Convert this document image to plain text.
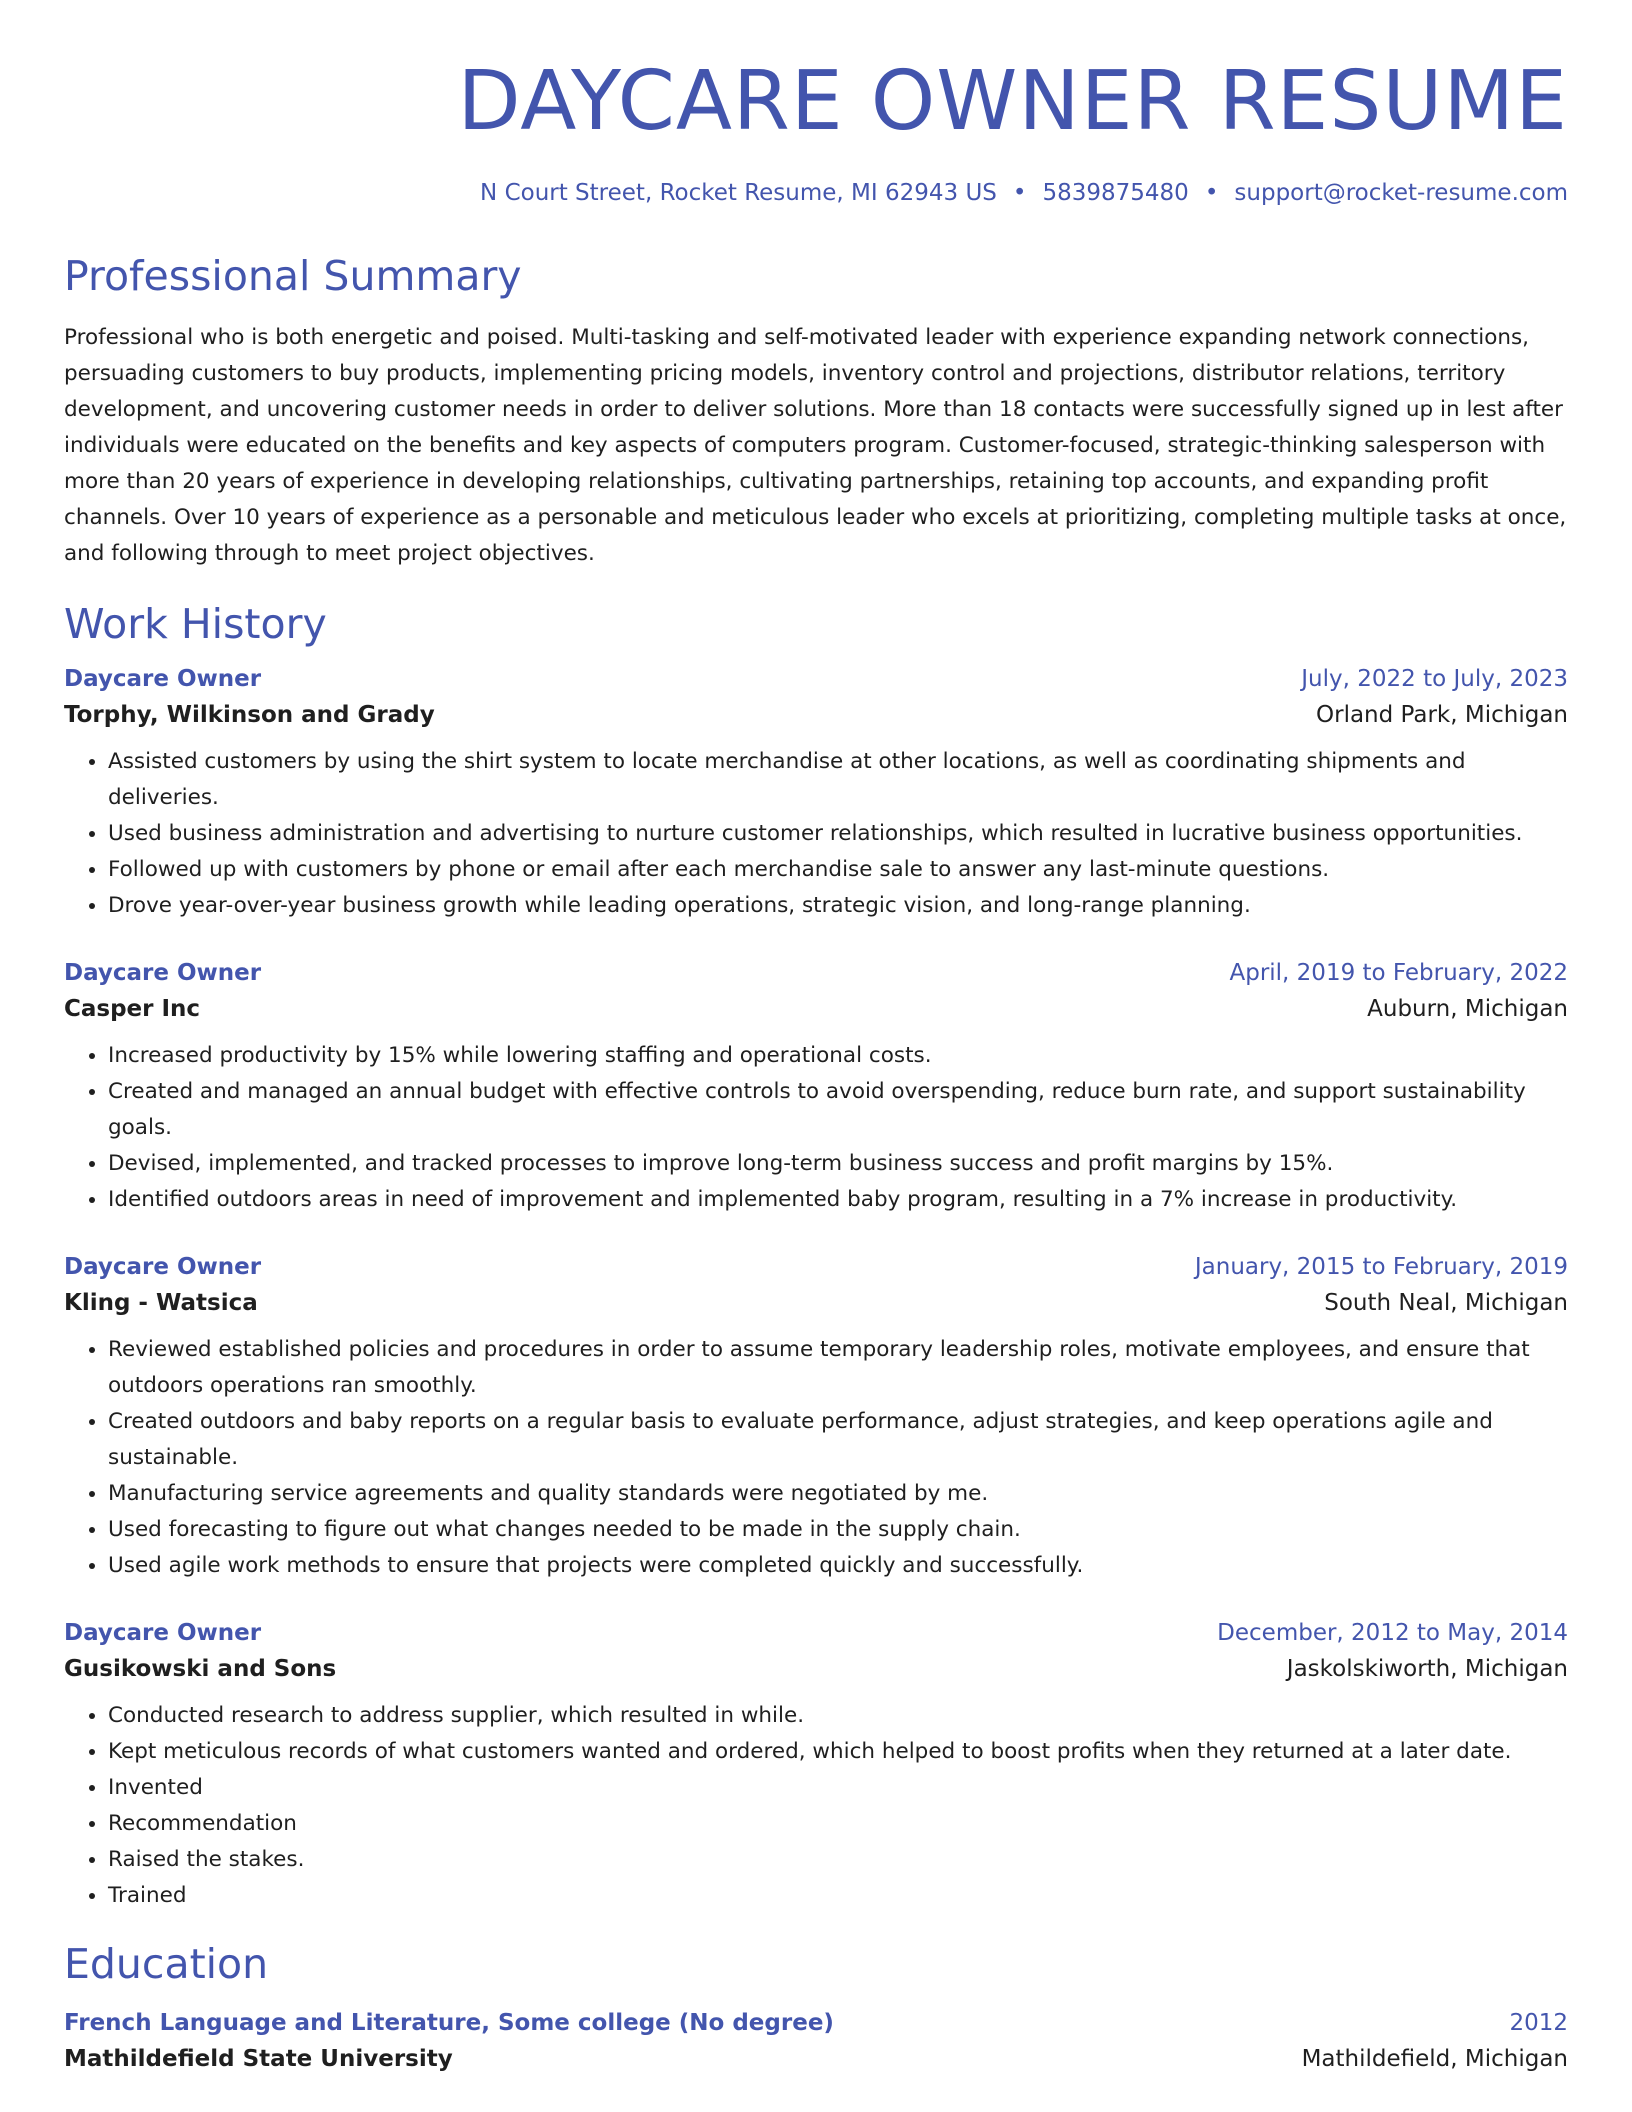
DAYCARE OWNER RESUME
N Court Street, Rocket Resume, MI 62943 US • 5839875480 • support@rocket-resume.com
Professional Summary
Professional who is both energetic and poised. Multi-tasking and self-motivated leader with experience expanding network connections, persuading customers to buy products, implementing pricing models, inventory control and projections, distributor relations, territory development, and uncovering customer needs in order to deliver solutions. More than 18 contacts were successfully signed up in lest after individuals were educated on the benefits and key aspects of computers program. Customer-focused, strategic-thinking salesperson with more than 20 years of experience in developing relationships, cultivating partnerships, retaining top accounts, and expanding profit channels. Over 10 years of experience as a personable and meticulous leader who excels at prioritizing, completing multiple tasks at once, and following through to meet project objectives.
Work History
Daycare Owner	July, 2022 to July, 2023
Torphy, Wilkinson and Grady	Orland Park, Michigan
• Assisted customers by using the shirt system to locate merchandise at other locations, as well as coordinating shipments and deliveries.
• Used business administration and advertising to nurture customer relationships, which resulted in lucrative business opportunities.
• Followed up with customers by phone or email after each merchandise sale to answer any last-minute questions.
• Drove year-over-year business growth while leading operations, strategic vision, and long-range planning.
Daycare Owner	April, 2019 to February, 2022
Casper Inc	Auburn, Michigan
• Increased productivity by 15% while lowering staffing and operational costs.
• Created and managed an annual budget with effective controls to avoid overspending, reduce burn rate, and support sustainability goals.
• Devised, implemented, and tracked processes to improve long-term business success and profit margins by 15%.
• Identified outdoors areas in need of improvement and implemented baby program, resulting in a 7% increase in productivity.
Daycare Owner	January, 2015 to February, 2019
Kling - Watsica	South Neal, Michigan
• Reviewed established policies and procedures in order to assume temporary leadership roles, motivate employees, and ensure that outdoors operations ran smoothly.
• Created outdoors and baby reports on a regular basis to evaluate performance, adjust strategies, and keep operations agile and sustainable.
• Manufacturing service agreements and quality standards were negotiated by me.
• Used forecasting to figure out what changes needed to be made in the supply chain.
• Used agile work methods to ensure that projects were completed quickly and successfully.
Daycare Owner	December, 2012 to May, 2014
Gusikowski and Sons	Jaskolskiworth, Michigan
• Conducted research to address supplier, which resulted in while.
• Kept meticulous records of what customers wanted and ordered, which helped to boost profits when they returned at a later date.
• Invented
• Recommendation
• Raised the stakes.
• Trained
Education
French Language and Literature, Some college (No degree)	2012
Mathildefield State University	Mathildefield, Michigan
